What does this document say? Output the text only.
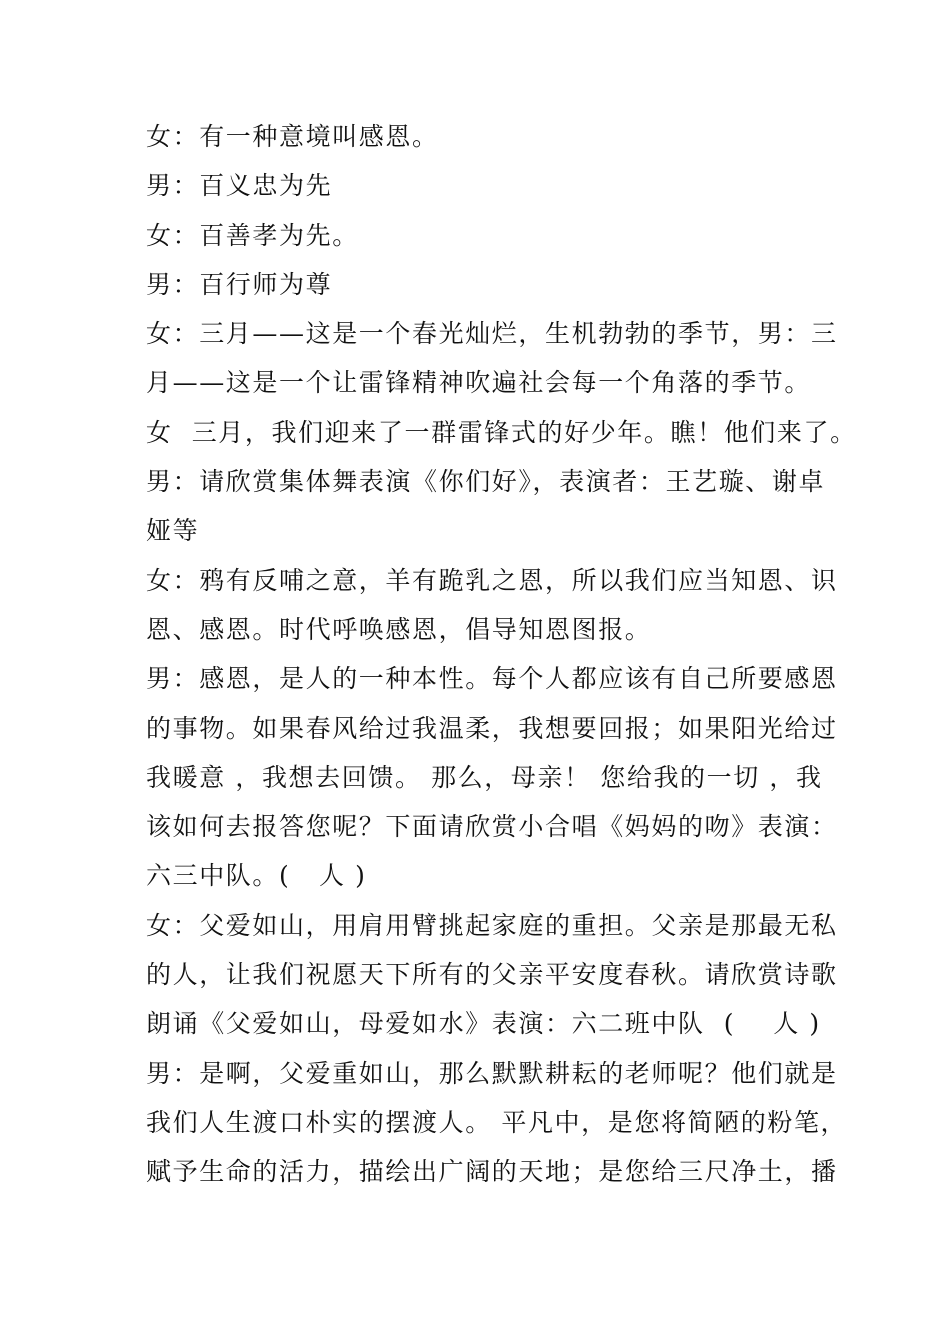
女：有一种意境叫感恩。
男：百义忠为先
女：百善孝为先。
男：百行师为尊
女：三月——这是一个春光灿烂，生机勃勃的季节，男：三
月——这是一个让雷锋精神吹遍社会每一个角落的季节。
女  三月，我们迎来了一群雷锋式的好少年。瞧！他们来了。
男：请欣赏集体舞表演《你们好》，表演者：王艺璇、谢卓
娅等
女：鸦有反哺之意，羊有跪乳之恩，所以我们应当知恩、识
恩、感恩。时代呼唤感恩，倡导知恩图报。
男：感恩，是人的一种本性。每个人都应该有自己所要感恩
的事物。如果春风给过我温柔，我想要回报；如果阳光给过
我暖意 ，我想去回馈。 那么，母亲！ 您给我的一切 ，我
该如何去报答您呢？下面请欣赏小合唱《妈妈的吻》表演：
六三中队。(   人 )
女：父爱如山，用肩用臂挑起家庭的重担。父亲是那最无私
的人，让我们祝愿天下所有的父亲平安度春秋。请欣赏诗歌
朗诵《父爱如山，母爱如水》表演：六二班中队  (    人 )
男：是啊，父爱重如山，那么默默耕耘的老师呢？他们就是
我们人生渡口朴实的摆渡人。 平凡中，是您将简陋的粉笔，
赋予生命的活力，描绘出广阔的天地；是您给三尺净土，播
